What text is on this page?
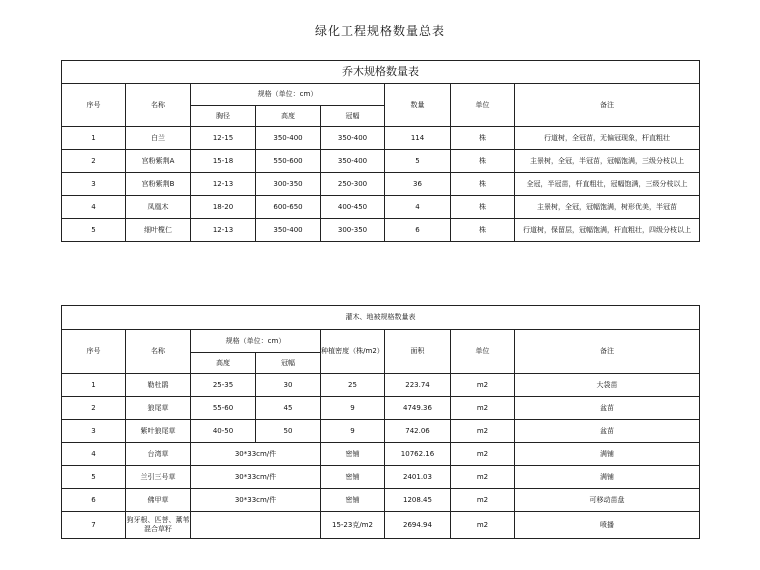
绿化工程规格数量总表
乔木规格数量表							
序号	名称	规格（单位：cm）			数量	单位	备注
		胸径	高度	冠幅			
1	白兰	12-15	350-400	350-400	114	株	行道树，全冠苗，无偏冠现象，杆直粗壮
2	宫粉紫荆A	15-18	550-600	350-400	5	株	主景树，全冠，半冠苗，冠幅饱满，三级分枝以上
3	宫粉紫荆B	12-13	300-350	250-300	36	株	全冠，半冠苗，杆直粗壮，冠幅饱满，三级分枝以上
4	凤凰木	18-20	600-650	400-450	4	株	主景树，全冠，冠幅饱满，树形优美，半冠苗
5	细叶榄仁	12-13	350-400	300-350	6	株	行道树，保留层，冠幅饱满，杆直粗壮，四级分枝以上
灌木、地被规格数量表							
序号	名称	规格（单位：cm）		种植密度（株/m2）	面积	单位	备注
		高度	冠幅				
1	勒杜鹃	25-35	30	25	223.74	m2	大袋苗
2	狼尾草	55-60	45	9	4749.36	m2	盆苗
3	紫叶狼尾草	40-50	50	9	742.06	m2	盆苗
4	台湾草	30*33cm/件		密铺	10762.16	m2	满铺
5	兰引三号草	30*33cm/件		密铺	2401.03	m2	满铺
6	佛甲草	30*33cm/件		密铺	1208.45	m2	可移动苗盘
7	狗牙根、匹菩、薰苇混合草籽			15-23克/m2	2694.94	m2	喷播
